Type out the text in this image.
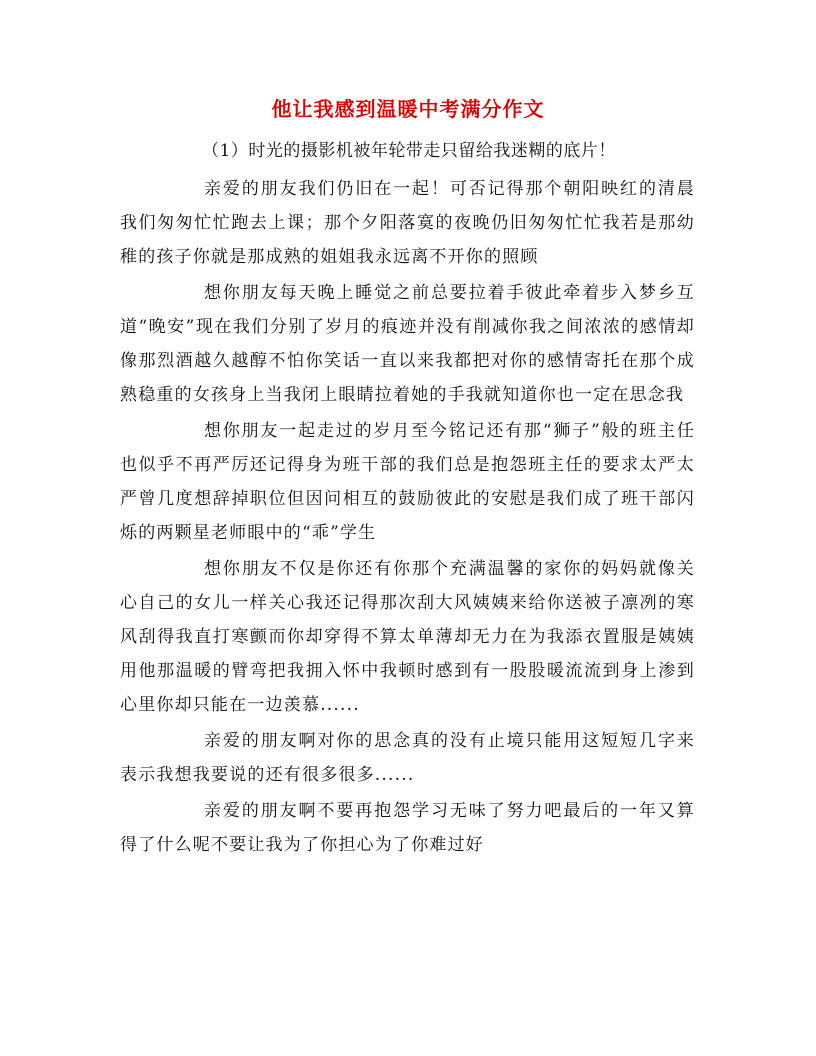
他让我感到温暖中考满分作文

（1）时光的摄影机被年轮带走只留给我迷糊的底片！

亲爱的朋友我们仍旧在一起！可否记得那个朝阳映红的清晨我们匆匆忙忙跑去上课；那个夕阳落寞的夜晚仍旧匆匆忙忙我若是那幼稚的孩子你就是那成熟的姐姐我永远离不开你的照顾

想你朋友每天晚上睡觉之前总要拉着手彼此牵着步入梦乡互道“晚安”现在我们分别了岁月的痕迹并没有削减你我之间浓浓的感情却像那烈酒越久越醇不怕你笑话一直以来我都把对你的感情寄托在那个成熟稳重的女孩身上当我闭上眼睛拉着她的手我就知道你也一定在思念我

想你朋友一起走过的岁月至今铭记还有那“狮子”般的班主任也似乎不再严厉还记得身为班干部的我们总是抱怨班主任的要求太严太严曾几度想辞掉职位但因问相互的鼓励彼此的安慰是我们成了班干部闪烁的两颗星老师眼中的“乖”学生

想你朋友不仅是你还有你那个充满温馨的家你的妈妈就像关心自己的女儿一样关心我还记得那次刮大风姨姨来给你送被子凛冽的寒风刮得我直打寒颤而你却穿得不算太单薄却无力在为我添衣置服是姨姨用他那温暖的臂弯把我拥入怀中我顿时感到有一股股暖流流到身上渗到心里你却只能在一边羡慕......

亲爱的朋友啊对你的思念真的没有止境只能用这短短几字来表示我想我要说的还有很多很多......

亲爱的朋友啊不要再抱怨学习无味了努力吧最后的一年又算得了什么呢不要让我为了你担心为了你难过好
